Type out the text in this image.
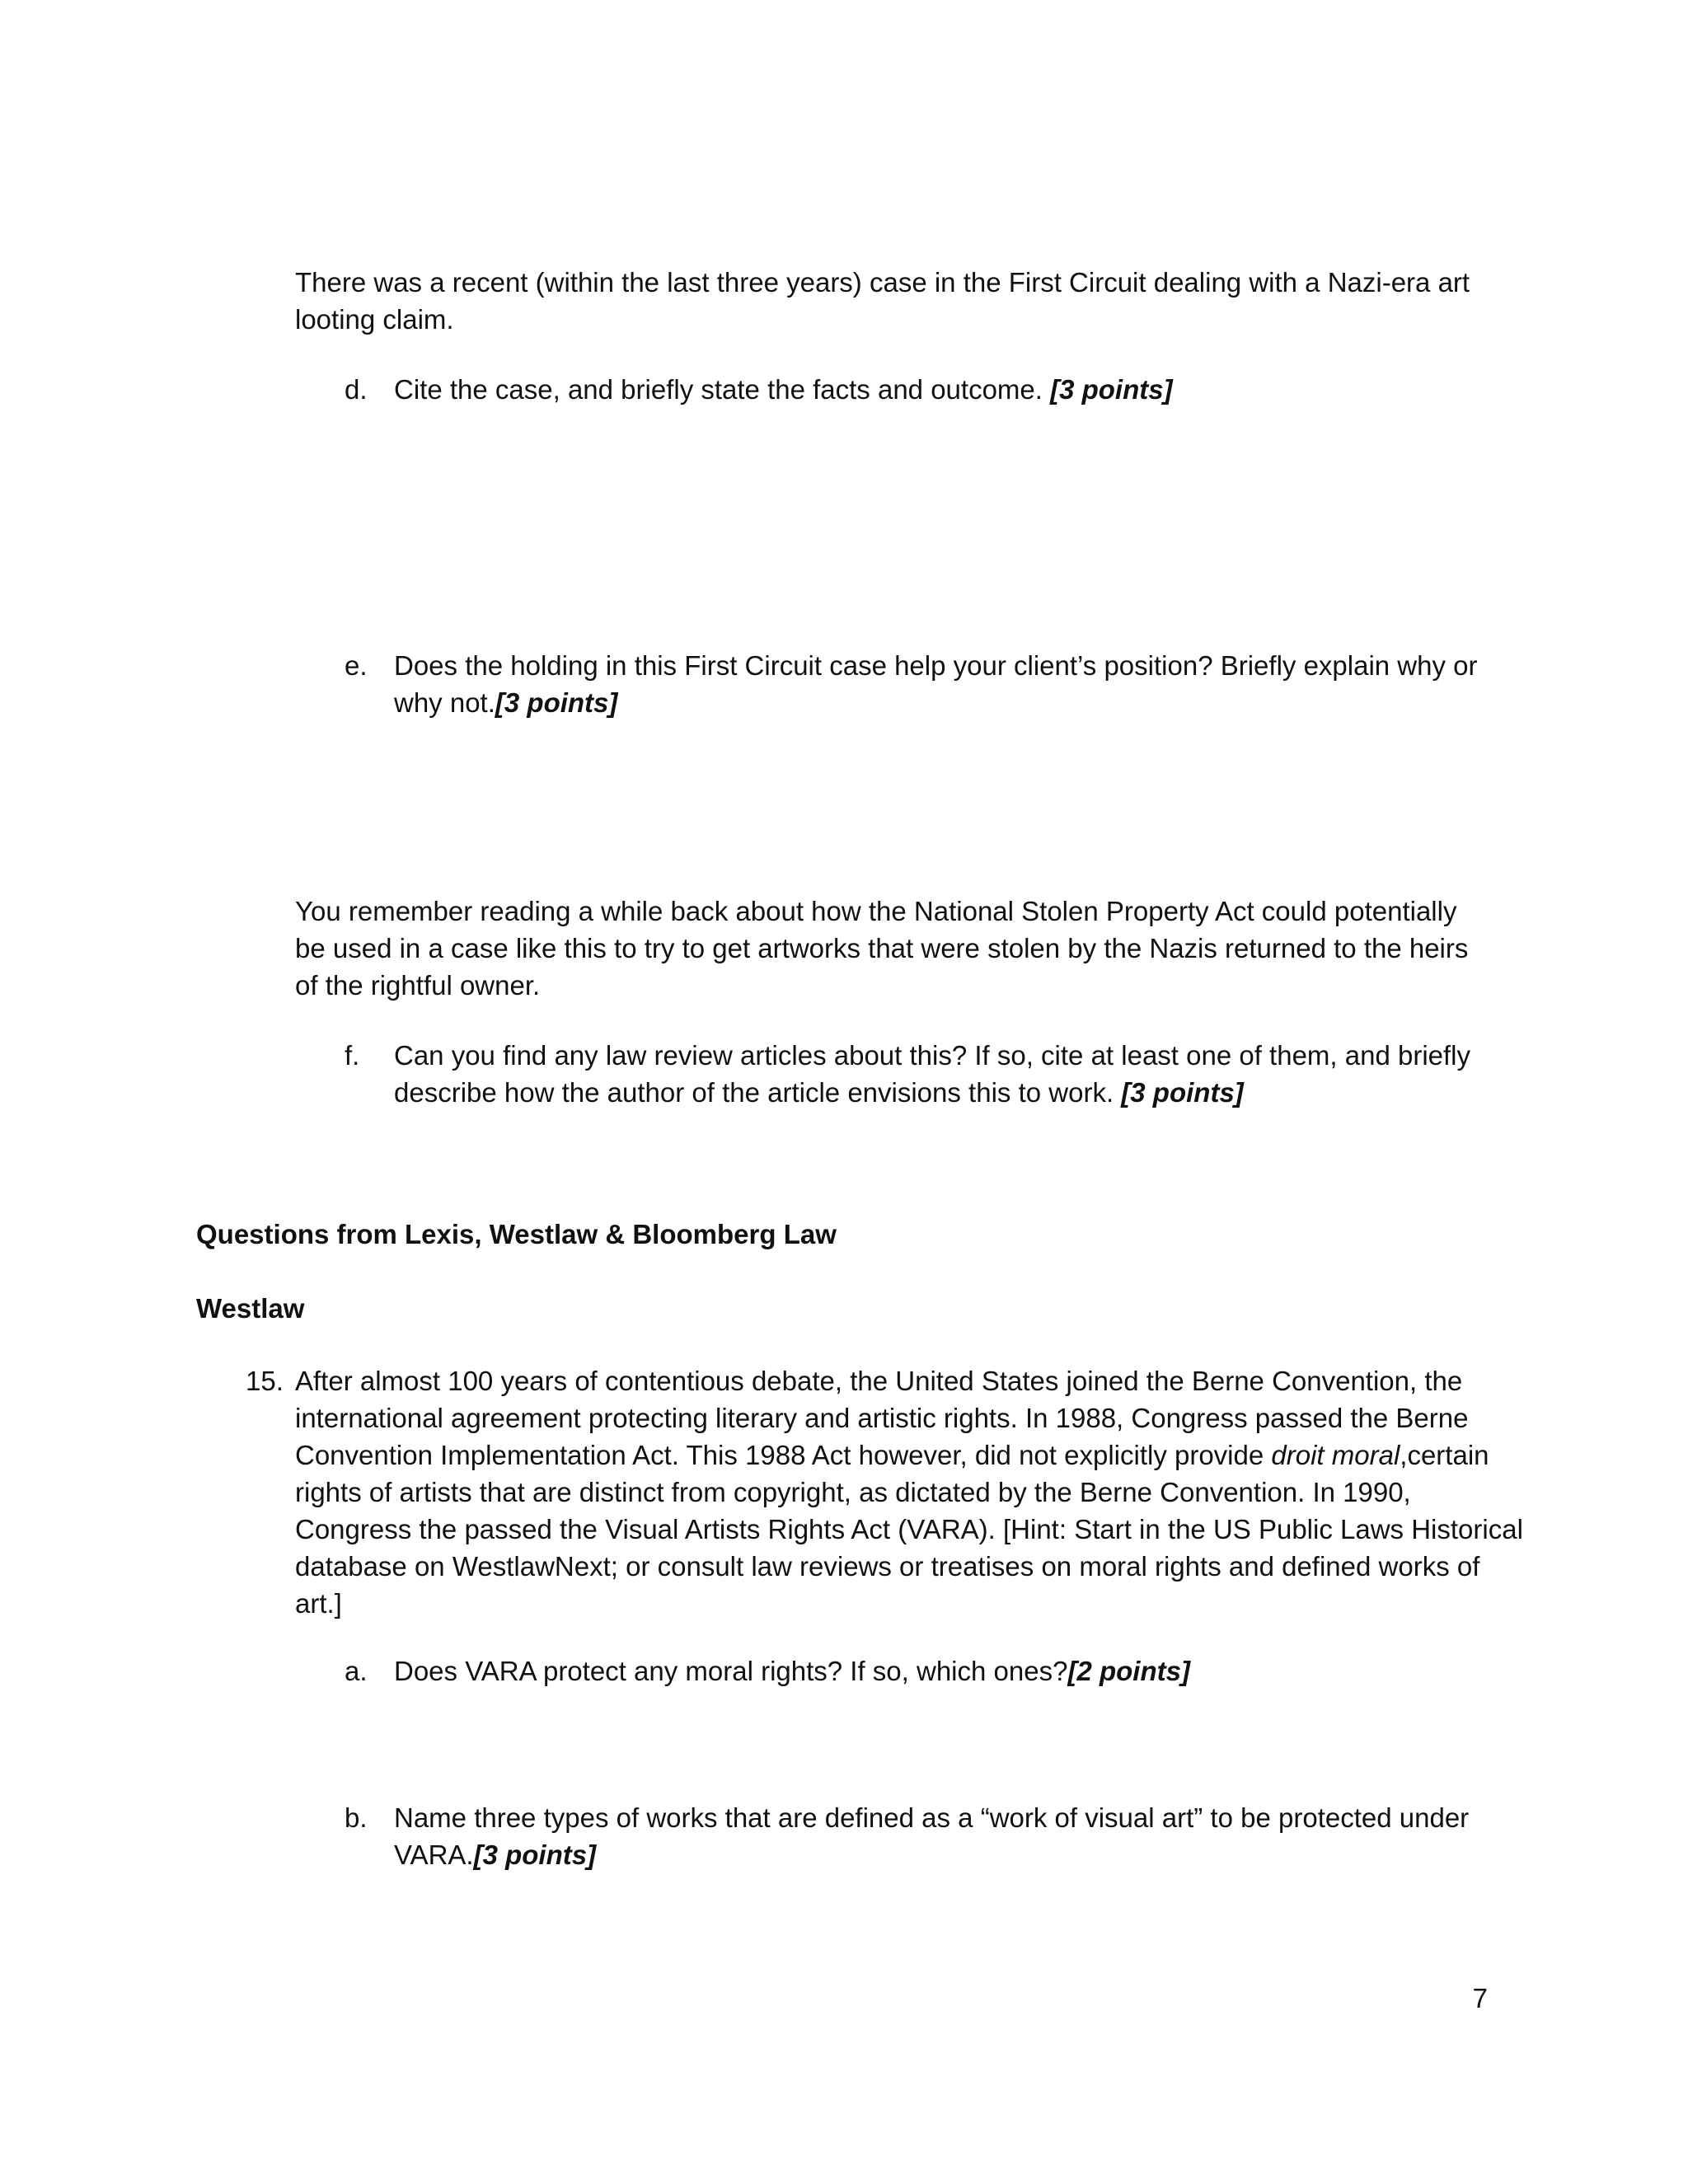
There was a recent (within the last three years) case in the First Circuit dealing with a Nazi-era art looting claim.

d. Cite the case, and briefly state the facts and outcome. [3 points]
e. Does the holding in this First Circuit case help your client’s position? Briefly explain why or why not.[3 points]

You remember reading a while back about how the National Stolen Property Act could potentially be used in a case like this to try to get artworks that were stolen by the Nazis returned to the heirs of the rightful owner.

f.	Can you find any law review articles about this? If so, cite at least one of them, and briefly describe how the author of the article envisions this to work. [3 points]
Questions from Lexis, Westlaw & Bloomberg Law
Westlaw
15. After almost 100 years of contentious debate, the United States joined the Berne Convention, the international agreement protecting literary and artistic rights. In 1988, Congress passed the Berne Convention Implementation Act. This 1988 Act however, did not explicitly provide droit moral,certain rights of artists that are distinct from copyright, as dictated by the Berne Convention. In 1990, Congress the passed the Visual Artists Rights Act (VARA). [Hint: Start in the US Public Laws Historical database on WestlawNext; or consult law reviews or treatises on moral rights and defined works of art.]
a. Does VARA protect any moral rights? If so, which ones?[2 points]
b. Name three types of works that are defined as a “work of visual art” to be protected under VARA.[3 points]
7
